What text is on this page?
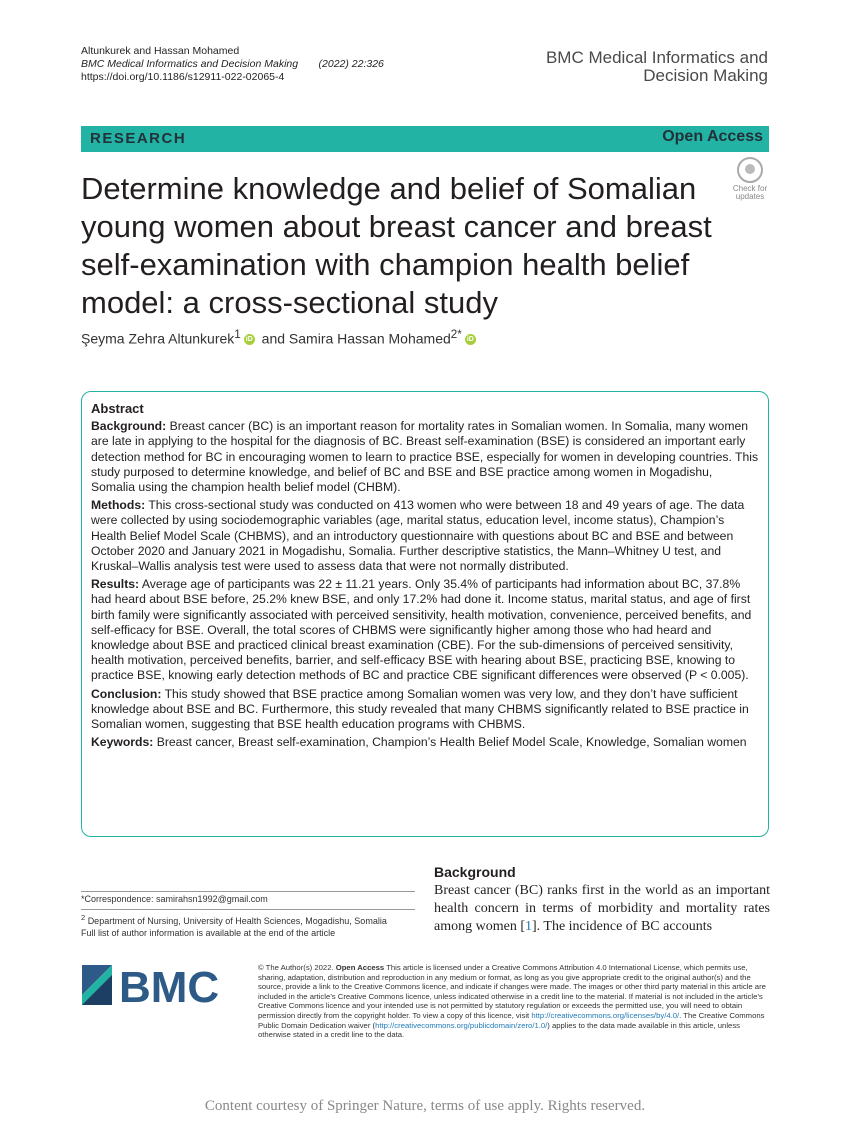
Altunkurek and Hassan Mohamed
BMC Medical Informatics and Decision Making (2022) 22:326
https://doi.org/10.1186/s12911-022-02065-4
BMC Medical Informatics and
Decision Making
RESEARCH	Open Access
Check for
updates
Determine knowledge and belief of Somalian young women about breast cancer and breast self-examination with champion health belief model: a cross-sectional study
Şeyma Zehra Altunkurek$^1$ iD and Samira Hassan Mohamed$^{2*}$ iD
Abstract

Background: Breast cancer (BC) is an important reason for mortality rates in Somalian women. In Somalia, many women are late in applying to the hospital for the diagnosis of BC. Breast self-examination (BSE) is considered an important early detection method for BC in encouraging women to learn to practice BSE, especially for women in developing countries. This study purposed to determine knowledge, and belief of BC and BSE and BSE practice among women in Mogadishu, Somalia using the champion health belief model (CHBM).

Methods: This cross-sectional study was conducted on 413 women who were between 18 and 49 years of age. The data were collected by using sociodemographic variables (age, marital status, education level, income status), Champion’s Health Belief Model Scale (CHBMS), and an introductory questionnaire with questions about BC and BSE and between October 2020 and January 2021 in Mogadishu, Somalia. Further descriptive statistics, the Mann–Whitney U test, and Kruskal–Wallis analysis test were used to assess data that were not normally distributed.

Results: Average age of participants was 22 ± 11.21 years. Only 35.4% of participants had information about BC, 37.8% had heard about BSE before, 25.2% knew BSE, and only 17.2% had done it. Income status, marital status, and age of first birth family were significantly associated with perceived sensitivity, health motivation, convenience, perceived benefits, and self-efficacy for BSE. Overall, the total scores of CHBMS were significantly higher among those who had heard and knowledge about BSE and practiced clinical breast examination (CBE). For the sub-dimensions of perceived sensitivity, health motivation, perceived benefits, barrier, and self-efficacy BSE with hearing about BSE, practicing BSE, knowing to practice BSE, knowing early detection methods of BC and practice CBE significant differences were observed (P < 0.005).

Conclusion: This study showed that BSE practice among Somalian women was very low, and they don’t have sufficient knowledge about BSE and BC. Furthermore, this study revealed that many CHBMS significantly related to BSE practice in Somalian women, suggesting that BSE health education programs with CHBMS.

Keywords: Breast cancer, Breast self-examination, Champion’s Health Belief Model Scale, Knowledge, Somalian women

Background
Breast cancer (BC) ranks first in the world as an important health concern in terms of morbidity and mortality rates among women [1]. The incidence of BC accounts
*Correspondence: samirahsn1992@gmail.com
$^2$ Department of Nursing, University of Health Sciences, Mogadishu, Somalia
Full list of author information is available at the end of the article
BMC	© The Author(s) 2022. Open Access This article is licensed under a Creative Commons Attribution 4.0 International License, which permits use, sharing, adaptation, distribution and reproduction in any medium or format, as long as you give appropriate credit to the original author(s) and the source, provide a link to the Creative Commons licence, and indicate if changes were made. The images or other third party material in this article are included in the article’s Creative Commons licence, unless indicated otherwise in a credit line to the material. If material is not included in the article’s Creative Commons licence and your intended use is not permitted by statutory regulation or exceeds the permitted use, you will need to obtain permission directly from the copyright holder. To view a copy of this licence, visit http://creativecommons.org/licenses/by/4.0/. The Creative Commons Public Domain Dedication waiver (http://creativecommons.org/publicdomain/zero/1.0/) applies to the data made available in this article, unless otherwise stated in a credit line to the data.
Content courtesy of Springer Nature, terms of use apply. Rights reserved.
